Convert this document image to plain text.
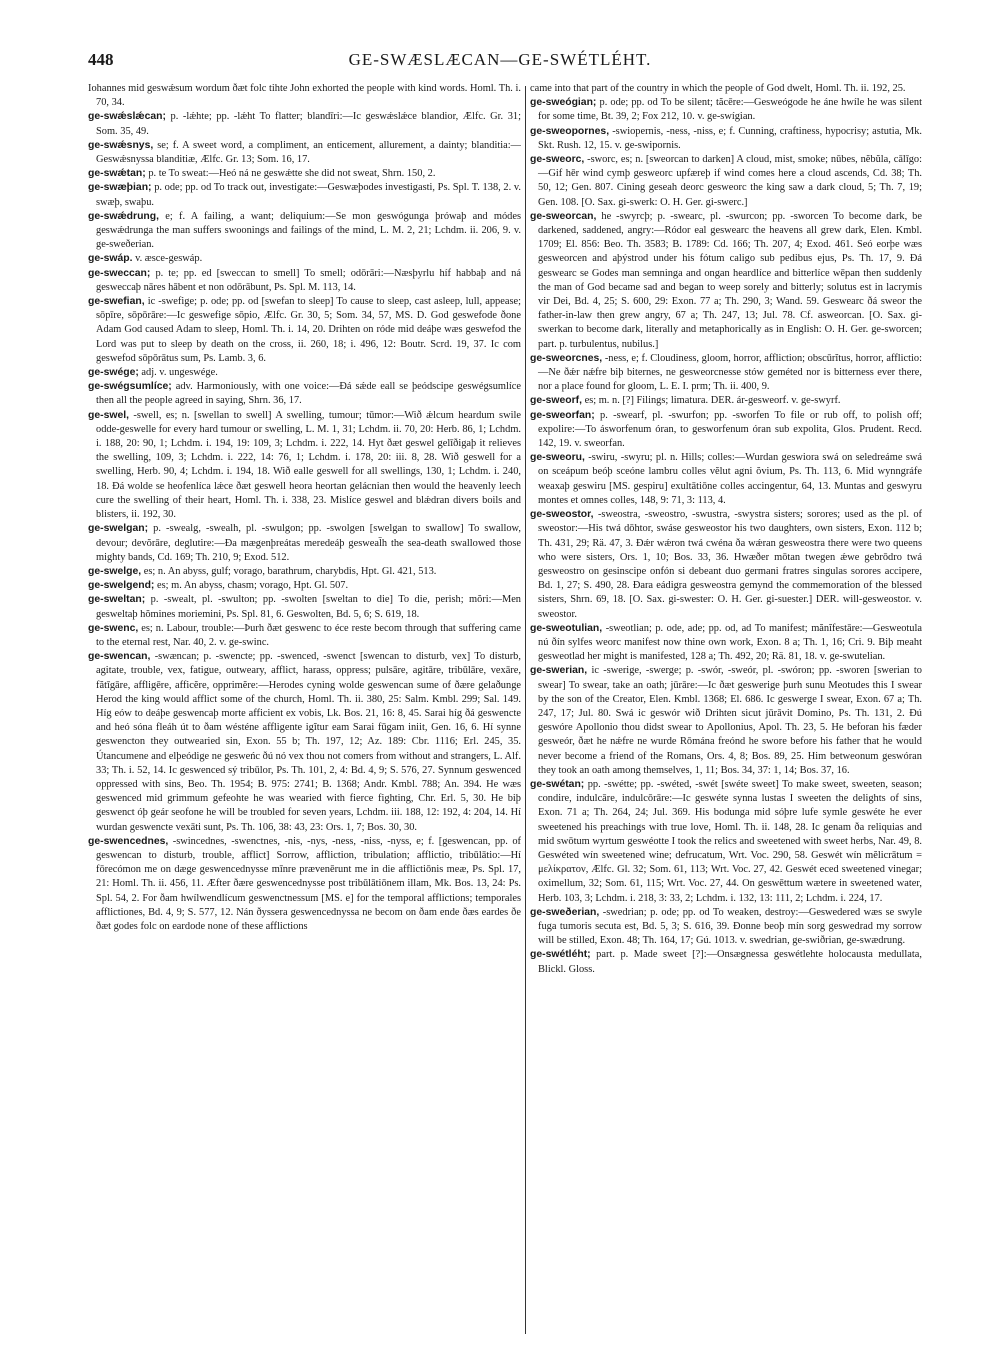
448	GE-SWÆSLÆCAN—GE-SWÉTLÉHT.

Iohannes mid geswǽsum wordum ðæt folc tihte John exhorted the people with kind words. Homl. Th. i. 70, 34.

ge-swǽslǽcan; p. -lǽhte; pp. -lǽht To flatter; blandīri:—Ic geswǽslǽce blandior, Ælfc. Gr. 31; Som. 35, 49.

ge-swǽsnys, se; f. A sweet word, a compliment, an enticement, allurement, a dainty; blanditia:—Geswǽsnyssa blanditiæ, Ælfc. Gr. 13; Som. 16, 17.

ge-swǽtan; p. te To sweat:—Heó ná ne geswǽtte she did not sweat, Shrn. 150, 2.

ge-swæþian; p. ode; pp. od To track out, investigate:—Geswæþodes investigasti, Ps. Spl. T. 138, 2. v. swæþ, swaþu.

ge-swǽdrung, e; f. A failing, a want; deliquium:—Se mon geswógunga þrówaþ and módes geswǽdrunga the man suffers swoonings and failings of the mind, L. M. 2, 21; Lchdm. ii. 206, 9. v. ge-sweðerian.

ge-swáp. v. æsce-geswáp.

ge-sweccan; p. te; pp. ed [sweccan to smell] To smell; odōrāri:—Næsþyrlu híf habbaþ and ná gesweccaþ nāres hābent et non odōrābunt, Ps. Spl. M. 113, 14.

ge-swefian, ic -swefige; p. ode; pp. od [swefan to sleep] To cause to sleep, cast asleep, lull, appease; sōpīre, sōpōrāre:—Ic geswefige sōpio, Ælfc. Gr. 30, 5; Som. 34, 57, MS. D. God geswefode ðone Adam God caused Adam to sleep, Homl. Th. i. 14, 20. Drihten on róde mid deáþe wæs geswefod the Lord was put to sleep by death on the cross, ii. 260, 18; i. 496, 12: Boutr. Scrd. 19, 37. Ic com geswefod sōpōrātus sum, Ps. Lamb. 3, 6.

ge-swége; adj. v. ungeswége.

ge-swégsumlíce; adv. Harmoniously, with one voice:—Ðá sǽde eall se þeódscipe geswégsumlíce then all the people agreed in saying, Shrn. 36, 17.

ge-swel, -swell, es; n. [swellan to swell] A swelling, tumour; tūmor:—Wið ǽlcum heardum swile odde-geswelle for every hard tumour or swelling, L. M. 1, 31; Lchdm. ii. 70, 20: Herb. 86, 1; Lchdm. i. 188, 20: 90, 1; Lchdm. i. 194, 19: 109, 3; Lchdm. i. 222, 14. Hyt ðæt geswel gelīðigaþ it relieves the swelling, 109, 3; Lchdm. i. 222, 14: 76, 1; Lchdm. i. 178, 20: iii. 8, 28. Wið geswell for a swelling, Herb. 90, 4; Lchdm. i. 194, 18. Wið ealle geswell for all swellings, 130, 1; Lchdm. i. 240, 18. Ðá wolde se heofenlíca lǽce ðæt geswell heora heortan gelácnian then would the heavenly leech cure the swelling of their heart, Homl. Th. i. 338, 23. Mislíce geswel and blǽdran divers boils and blisters, ii. 192, 30.

ge-swelgan; p. -swealg, -swealh, pl. -swulgon; pp. -swolgen [swelgan to swallow] To swallow, devour; devŏrāre, deglutire:—Ða mægenþreátas meredeáþ gesweal̄h the sea-death swallowed those mighty bands, Cd. 169; Th. 210, 9; Exod. 512.

ge-swelge, es; n. An abyss, gulf; vorago, barathrum, charybdis, Hpt. Gl. 421, 513.

ge-swelgend; es; m. An abyss, chasm; vorago, Hpt. Gl. 507.

ge-sweltan; p. -swealt, pl. -swulton; pp. -swolten [sweltan to die] To die, perish; mŏri:—Men gesweltaþ hŏmines moriemini, Ps. Spl. 81, 6. Geswolten, Bd. 5, 6; S. 619, 18.

ge-swenc, es; n. Labour, trouble:—Þurh ðæt geswenc to éce reste becom through that suffering came to the eternal rest, Nar. 40, 2. v. ge-swinc.

ge-swencan, -swæncan; p. -swencte; pp. -swenced, -swenct [swencan to disturb, vex] To disturb, agitate, trouble, vex, fatigue, outweary, afflict, harass, oppress; pulsāre, agitāre, tribūlāre, vexāre, fătīgāre, affligēre, afficĕre, opprimĕre:—Herodes cyning wolde geswencan sume of ðære gelaðunge Herod the king would afflict some of the church, Homl. Th. ii. 380, 25: Salm. Kmbl. 299; Sal. 149. Híg eów to deáþe geswencaþ morte afficient ex vobis, Lk. Bos. 21, 16: 8, 45. Sarai híg ðá geswencte and heó sóna fleáh út to ðam wésténe affligente igĭtur eam Sarai fūgam iniit, Gen. 16, 6. Hí synne geswencton they outwearied sin, Exon. 55 b; Th. 197, 12; Az. 189: Cbr. 1116; Erl. 245, 35. Útancumene and elþeódige ne gesweńc ðú nó vex thou not comers from without and strangers, L. Alf. 33; Th. i. 52, 14. Ic geswenced sý tribūlor, Ps. Th. 101, 2, 4: Bd. 4, 9; S. 576, 27. Synnum geswenced oppressed with sins, Beo. Th. 1954; B. 975: 2741; B. 1368; Andr. Kmbl. 788; An. 394. He wæs geswenced mid grimmum gefeohte he was wearied with fierce fighting, Chr. Erl. 5, 30. He biþ geswenct óþ geár seofone he will be troubled for seven years, Lchdm. iii. 188, 12: 192, 4: 204, 14. Hí wurdan geswencte vexāti sunt, Ps. Th. 106, 38: 43, 23: Ors. 1, 7; Bos. 30, 30.

ge-swencednes, -swincednes, -swenctnes, -nis, -nys, -ness, -niss, -nyss, e; f. [geswencan, pp. of geswencan to disturb, trouble, afflict] Sorrow, affliction, tribulation; afflictio, tribūlātio:—Hí fōrecómon me on dæge geswencednysse mīnre prævenērunt me in die afflictiōnis meæ, Ps. Spl. 17, 21: Homl. Th. ii. 456, 11. Æfter ðære geswencednysse post tribūlātiōnem illam, Mk. Bos. 13, 24: Ps. Spl. 54, 2. For ðam hwílwendlícum geswenctnessum [MS. e] for the temporal afflictions; temporales afflictiones, Bd. 4, 9; S. 577, 12. Nán ðyssera geswencednyssa ne becom on ðam ende ðæs eardes ðe ðæt godes folc on eardode none of these afflictions

came into that part of the country in which the people of God dwelt, Homl. Th. ii. 192, 25.

ge-sweógian; p. ode; pp. od To be silent; tăcēre:—Gesweógode he áne hwíle he was silent for some time, Bt. 39, 2; Fox 212, 10. v. ge-swígian.

ge-sweopornes, -swiopernis, -ness, -niss, e; f. Cunning, craftiness, hypocrisy; astutia, Mk. Skt. Rush. 12, 15. v. ge-swipornis.

ge-sweorc, -sworc, es; n. [sweorcan to darken] A cloud, mist, smoke; nūbes, nĕbŭla, cālīgo:—Gif hēr wind cymþ gesweorc upfæreþ if wind comes here a cloud ascends, Cd. 38; Th. 50, 12; Gen. 807. Cining geseah deorc gesweorc the king saw a dark cloud, 5; Th. 7, 19; Gen. 108. [O. Sax. gi-swerk: O. H. Ger. gi-swerc.]

ge-sweorcan, he -swyrcþ; p. -swearc, pl. -swurcon; pp. -sworcen To become dark, be darkened, saddened, angry:—Ródor eal geswearc the heavens all grew dark, Elen. Kmbl. 1709; El. 856: Beo. Th. 3583; B. 1789: Cd. 166; Th. 207, 4; Exod. 461. Seó eorþe wæs gesweorcen and aþýstrod under his fótum caligo sub pedibus ejus, Ps. Th. 17, 9. Ðá geswearc se Godes man semninga and ongan heardlíce and bitterlíce wēpan then suddenly the man of God became sad and began to weep sorely and bitterly; solutus est in lacrymis vir Dei, Bd. 4, 25; S. 600, 29: Exon. 77 a; Th. 290, 3; Wand. 59. Geswearc ðá sweor the father-in-law then grew angry, 67 a; Th. 247, 13; Jul. 78. Cf. asweorcan. [O. Sax. gi-swerkan to become dark, literally and metaphorically as in English: O. H. Ger. ge-sworcen; part. p. turbulentus, nubilus.]

ge-sweorcnes, -ness, e; f. Cloudiness, gloom, horror, affliction; obscūrĭtus, horror, afflictio:—Ne ðǽr nǽfre biþ biternes, ne gesweorcnesse stów geméted nor is bitterness ever there, nor a place found for gloom, L. E. I. prm; Th. ii. 400, 9.

ge-sweorf, es; m. n. [?] Filings; limatura. DER. ár-gesweorf. v. ge-swyrf.

ge-sweorfan; p. -swearf, pl. -swurfon; pp. -sworfen To file or rub off, to polish off; expolire:—To ásworfenum óran, to gesworfenum óran sub expolita, Glos. Prudent. Recd. 142, 19. v. sweorfan.

ge-sweoru, -swiru, -swyru; pl. n. Hills; colles:—Wurdan geswiora swá on seledreáme swá on sceápum beóþ sceóne lambru colles vĕlut agni ŏvium, Ps. Th. 113, 6. Mid wynngráfe weaxaþ geswiru [MS. gespiru] exultātiōne colles accingentur, 64, 13. Muntas and geswyru montes et omnes colles, 148, 9: 71, 3: 113, 4.

ge-sweostor, -sweostra, -sweostro, -swustra, -swystra sisters; sorores; used as the pl. of sweostor:—His twá dōhtor, swáse gesweostor his two daughters, own sisters, Exon. 112 b; Th. 431, 29; Rä. 47, 3. Ðǽr wǽron twá cwéna ða wǽran gesweostra there were two queens who were sisters, Ors. 1, 10; Bos. 33, 36. Hwæðer mōtan twegen ǽwe gebrōdro twá gesweostro on gesinscipe onfón si debeant duo germani fratres singulas sorores accipere, Bd. 1, 27; S. 490, 28. Ðara eádigra gesweostra gemynd the commemoration of the blessed sisters, Shrn. 69, 18. [O. Sax. gi-swester: O. H. Ger. gi-suester.] DER. will-gesweostor. v. sweostor.

ge-sweotulian, -sweotlian; p. ode, ade; pp. od, ad To manifest; mănĭfestāre:—Gesweotula nú ðín sylfes weorc manifest now thine own work, Exon. 8 a; Th. 1, 16; Cri. 9. Biþ meaht gesweotlad her might is manifested, 128 a; Th. 492, 20; Rä. 81, 18. v. ge-swutelian.

ge-swerian, ic -swerige, -swerge; p. -swór, -sweór, pl. -swóron; pp. -sworen [swerian to swear] To swear, take an oath; jūrāre:—Ic ðæt geswerige þurh sunu Meotudes this I swear by the son of the Creator, Elen. Kmbl. 1368; El. 686. Ic geswerge I swear, Exon. 67 a; Th. 247, 17; Jul. 80. Swá ic geswór wið Drihten sicut jūrāvit Domino, Ps. Th. 131, 2. Ðú geswóre Apollonio thou didst swear to Apollonius, Apol. Th. 23, 5. He beforan his fæder gesweór, ðæt he nǽfre ne wurde Rōmána freónd he swore before his father that he would never become a friend of the Romans, Ors. 4, 8; Bos. 89, 25. Him betweonum geswóran they took an oath among themselves, 1, 11; Bos. 34, 37: 1, 14; Bos. 37, 16.

ge-swétan; pp. -swétte; pp. -swéted, -swét [swéte sweet] To make sweet, sweeten, season; condire, indulcāre, indulcōrāre:—Ic geswéte synna lustas I sweeten the delights of sins, Exon. 71 a; Th. 264, 24; Jul. 369. His bodunga mid sóþre lufe symle geswéte he ever sweetened his preachings with true love, Homl. Th. ii. 148, 28. Ic genam ða reliquias and mid swōtum wyrtum geswéotte I took the relics and sweetened with sweet herbs, Nar. 49, 8. Geswéted wín sweetened wine; defrucatum, Wrt. Voc. 290, 58. Geswét wín mĕlicrātum = μελίκρατον, Ælfc. Gl. 32; Som. 61, 113; Wrt. Voc. 27, 42. Geswét eced sweetened vinegar; oximellum, 32; Som. 61, 115; Wrt. Voc. 27, 44. On geswēttum wætere in sweetened water, Herb. 103, 3; Lchdm. i. 218, 3: 33, 2; Lchdm. i. 132, 13: 111, 2; Lchdm. i. 224, 17.

ge-sweðerian, -swedrian; p. ode; pp. od To weaken, destroy:—Geswedered wæs se swyle fuga tumoris secuta est, Bd. 5, 3; S. 616, 39. Ðonne beoþ mín sorg geswedrad my sorrow will be stilled, Exon. 48; Th. 164, 17; Gú. 1013. v. swedrian, ge-swiðrian, ge-swædrung.

ge-swétléht; part. p. Made sweet [?]:—Onsægnessa geswétlehte holocausta medullata, Blickl. Gloss.
